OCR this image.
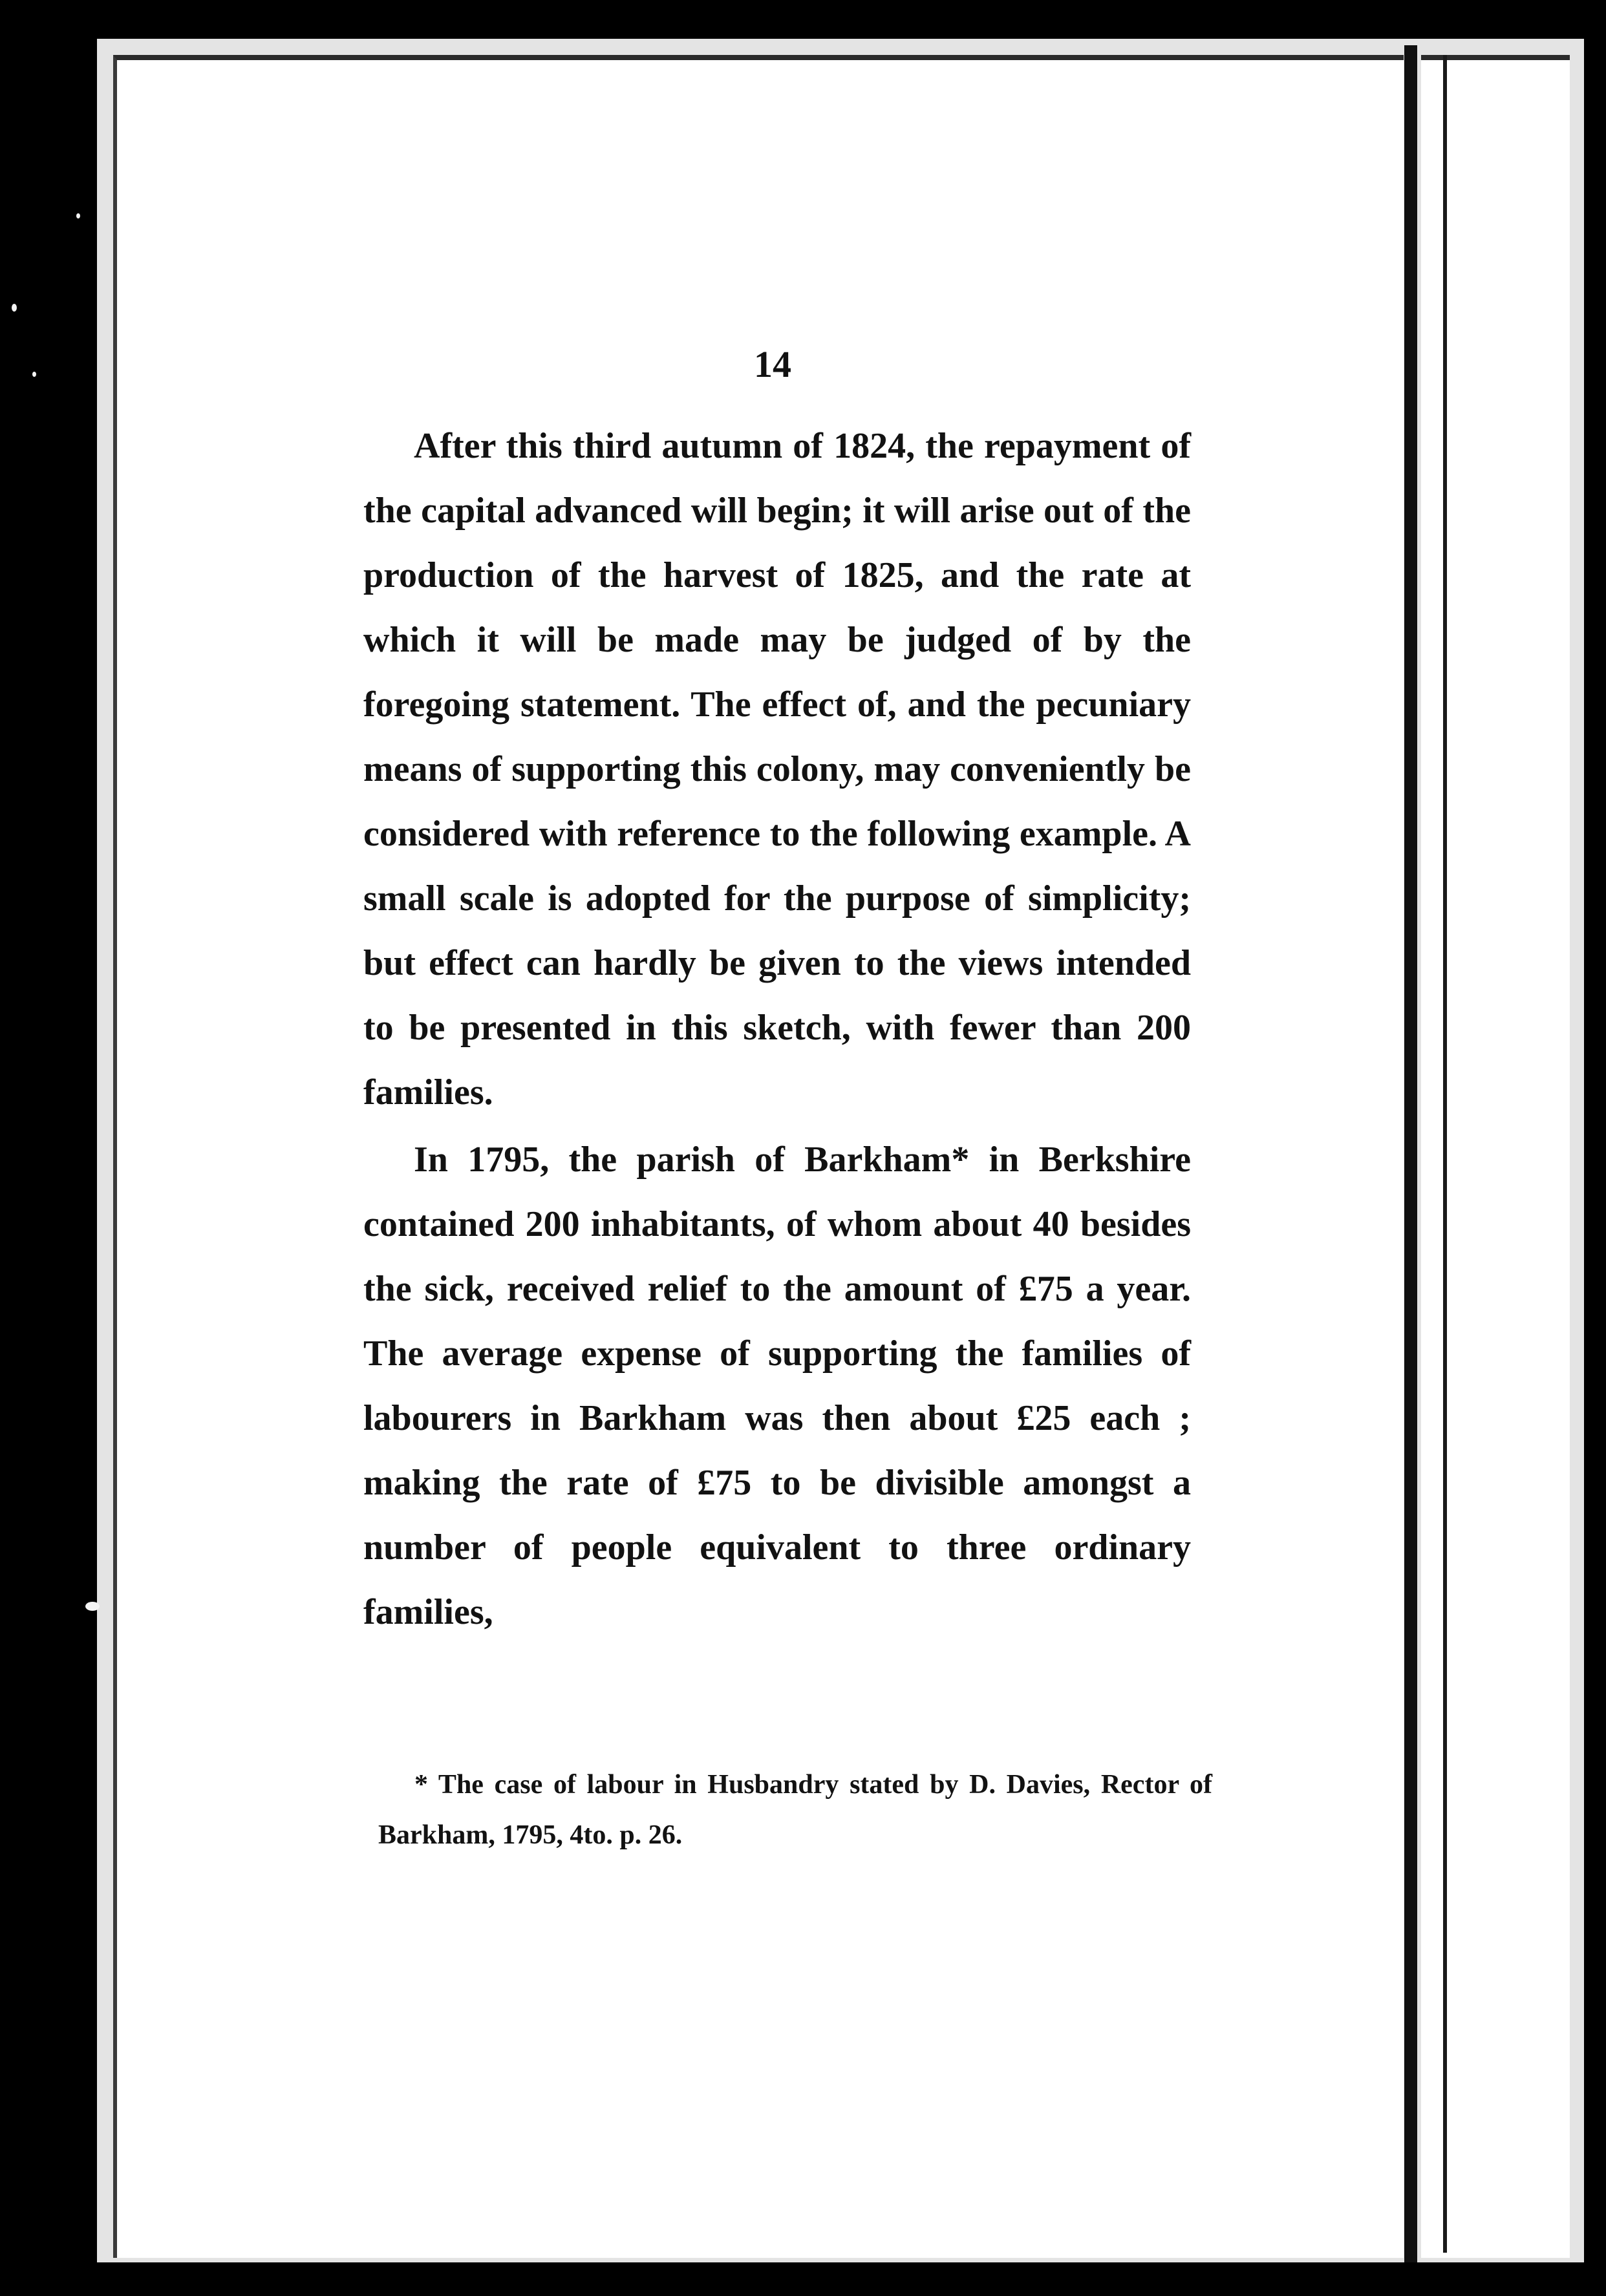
14

After this third autumn of 1824, the repayment of the capital advanced will begin; it will arise out of the production of the harvest of 1825, and the rate at which it will be made may be judged of by the foregoing statement. The effect of, and the pecuniary means of supporting this colony, may conveniently be considered with reference to the following example. A small scale is adopted for the purpose of simplicity; but effect can hardly be given to the views intended to be presented in this sketch, with fewer than 200 families.

In 1795, the parish of Barkham* in Berkshire contained 200 inhabitants, of whom about 40 besides the sick, received relief to the amount of £75 a year. The average expense of supporting the families of labourers in Barkham was then about £25 each ; making the rate of £75 to be divisible amongst a number of people equivalent to three ordinary families,

* The case of labour in Husbandry stated by D. Davies, Rector of Barkham, 1795, 4to. p. 26.
